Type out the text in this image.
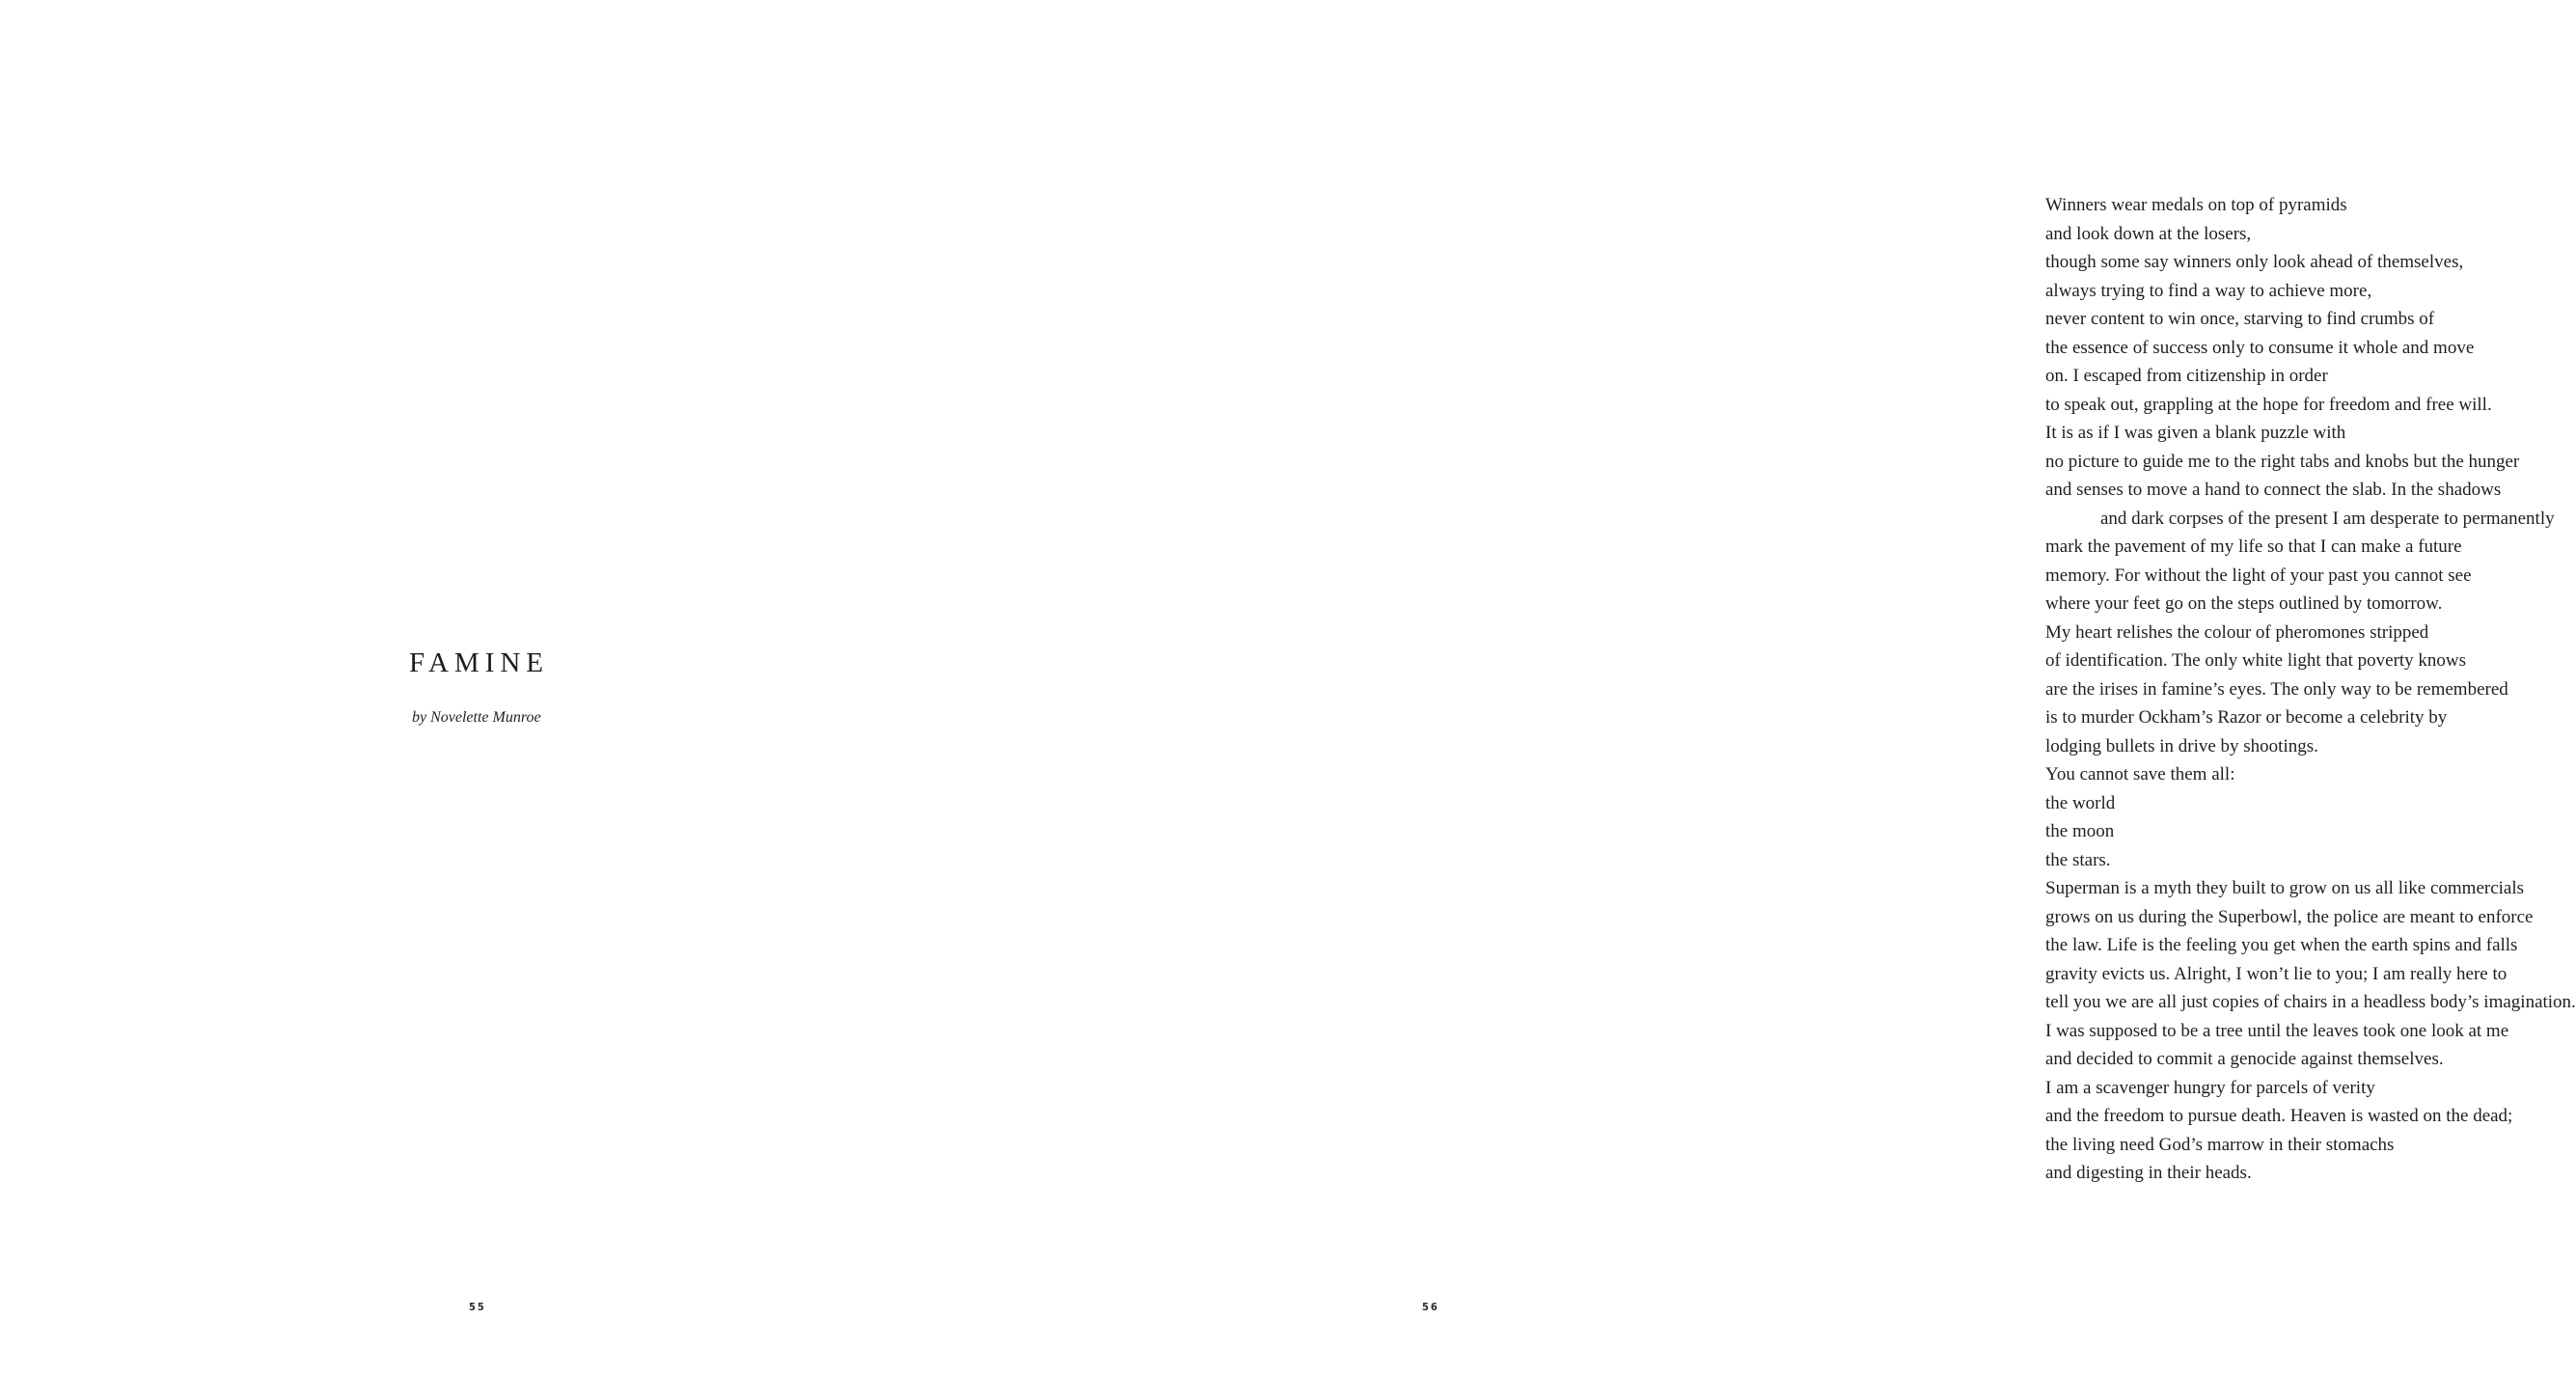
FAMINE

by Novelette Munroe

55
Winners wear medals on top of pyramids
and look down at the losers,
though some say winners only look ahead of themselves,
always trying to find a way to achieve more,
never content to win once, starving to find crumbs of
the essence of success only to consume it whole and move
on. I escaped from citizenship in order
to speak out, grappling at the hope for freedom and free will.
It is as if I was given a blank puzzle with
no picture to guide me to the right tabs and knobs but the hunger
and senses to move a hand to connect the slab. In the shadows
and dark corpses of the present I am desperate to permanently
mark the pavement of my life so that I can make a future
memory. For without the light of your past you cannot see
where your feet go on the steps outlined by tomorrow.
My heart relishes the colour of pheromones stripped
of identification. The only white light that poverty knows
are the irises in famine’s eyes. The only way to be remembered
is to murder Ockham’s Razor or become a celebrity by
lodging bullets in drive by shootings.
You cannot save them all:
the world
the moon
the stars.
Superman is a myth they built to grow on us all like commercials
grows on us during the Superbowl, the police are meant to enforce
the law. Life is the feeling you get when the earth spins and falls
gravity evicts us. Alright, I won’t lie to you; I am really here to
tell you we are all just copies of chairs in a headless body’s imagination.
I was supposed to be a tree until the leaves took one look at me
and decided to commit a genocide against themselves.
I am a scavenger hungry for parcels of verity
and the freedom to pursue death. Heaven is wasted on the dead;
the living need God’s marrow in their stomachs
and digesting in their heads.
56
